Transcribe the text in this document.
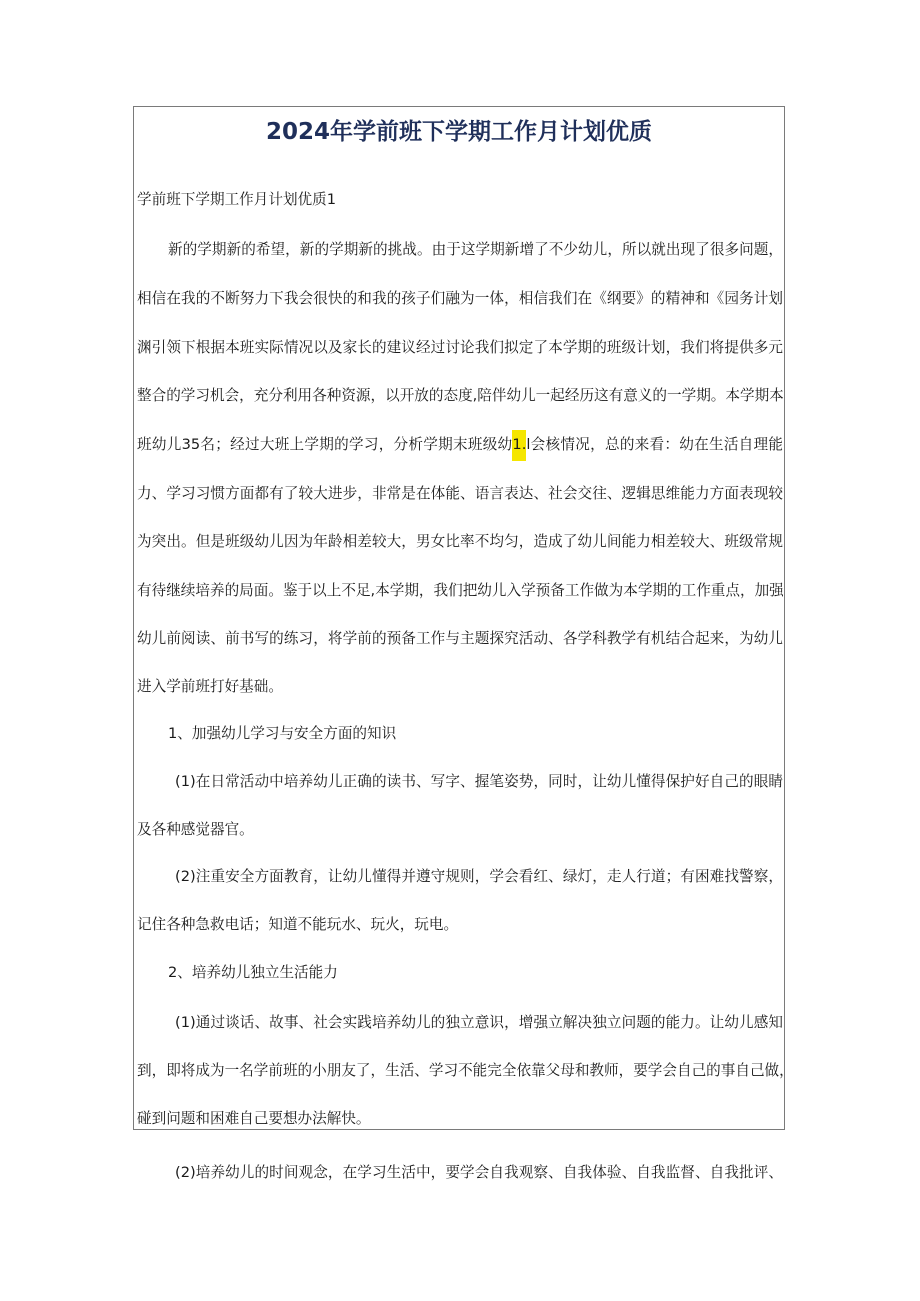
2024年学前班下学期工作月计划优质
学前班下学期工作月计划优质1
新的学期新的希望，新的学期新的挑战。由于这学期新增了不少幼儿，所以就出现了很多问题，
相信在我的不断努力下我会很快的和我的孩子们融为一体，相信我们在《纲要》的精神和《园务计划
渊引领下根据本班实际情况以及家长的建议经过讨论我们拟定了本学期的班级计划，我们将提供多元
整合的学习机会，充分利用各种资源，以开放的态度,陪伴幼儿一起经历这有意义的一学期。本学期本
班幼儿35名；经过大班上学期的学习，分析学期末班级幼1.l会核情况，总的来看：幼在生活自理能
力、学习习惯方面都有了较大进步，非常是在体能、语言表达、社会交往、逻辑思维能力方面表现较
为突出。但是班级幼儿因为年龄相差较大，男女比率不均匀，造成了幼儿间能力相差较大、班级常规
有待继续培养的局面。鉴于以上不足,本学期，我们把幼儿入学预备工作做为本学期的工作重点，加强
幼儿前阅读、前书写的练习，将学前的预备工作与主题探究活动、各学科教学有机结合起来，为幼儿
进入学前班打好基础。
1、加强幼儿学习与安全方面的知识
(1)在日常活动中培养幼儿正确的读书、写字、握笔姿势，同时，让幼儿懂得保护好自己的眼睛
及各种感觉器官。
(2)注重安全方面教育，让幼儿懂得并遵守规则，学会看红、绿灯，走人行道；有困难找警察，
记住各种急救电话；知道不能玩水、玩火，玩电。
2、培养幼儿独立生活能力
(1)通过谈话、故事、社会实践培养幼儿的独立意识，增强立解决独立问题的能力。让幼儿感知
到，即将成为一名学前班的小朋友了，生活、学习不能完全依靠父母和教师，要学会自己的事自己做，
碰到问题和困难自己要想办法解快。
(2)培养幼儿的时间观念，在学习生活中，要学会自我观察、自我体验、自我监督、自我批评、
